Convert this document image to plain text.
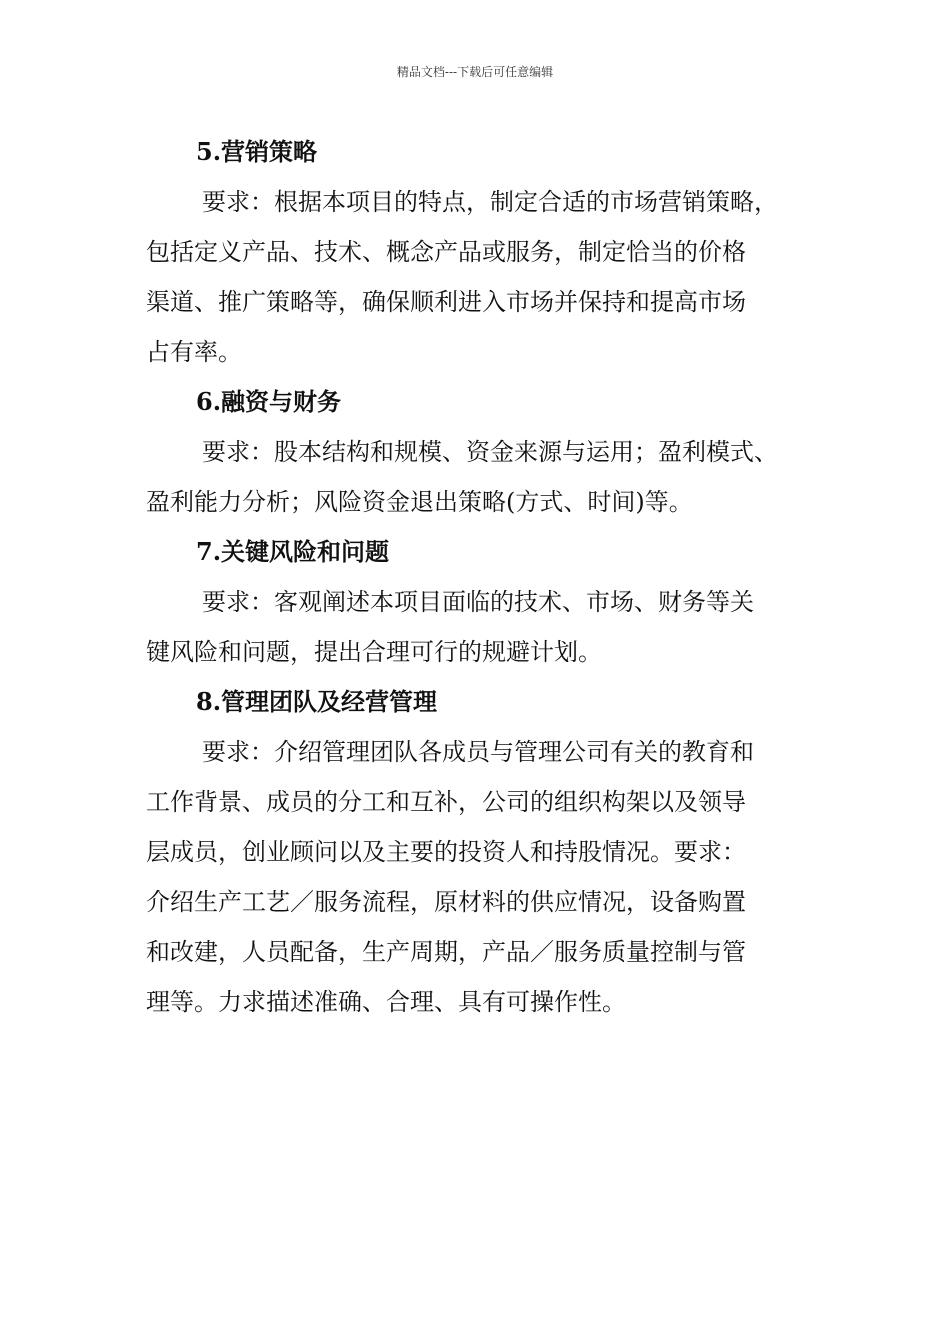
精品文档---下载后可任意编辑
5.营销策略
要求：根据本项目的特点，制定合适的市场营销策略，
包括定义产品、技术、概念产品或服务，制定恰当的价格
渠道、推广策略等，确保顺利进入市场并保持和提高市场
占有率。
6.融资与财务
要求：股本结构和规模、资金来源与运用；盈利模式、
盈利能力分析；风险资金退出策略(方式、时间)等。
7.关键风险和问题
要求：客观阐述本项目面临的技术、市场、财务等关
键风险和问题，提出合理可行的规避计划。
8.管理团队及经营管理
要求：介绍管理团队各成员与管理公司有关的教育和
工作背景、成员的分工和互补，公司的组织构架以及领导
层成员，创业顾问以及主要的投资人和持股情况。要求：
介绍生产工艺／服务流程，原材料的供应情况，设备购置
和改建，人员配备，生产周期，产品／服务质量控制与管
理等。力求描述准确、合理、具有可操作性。
